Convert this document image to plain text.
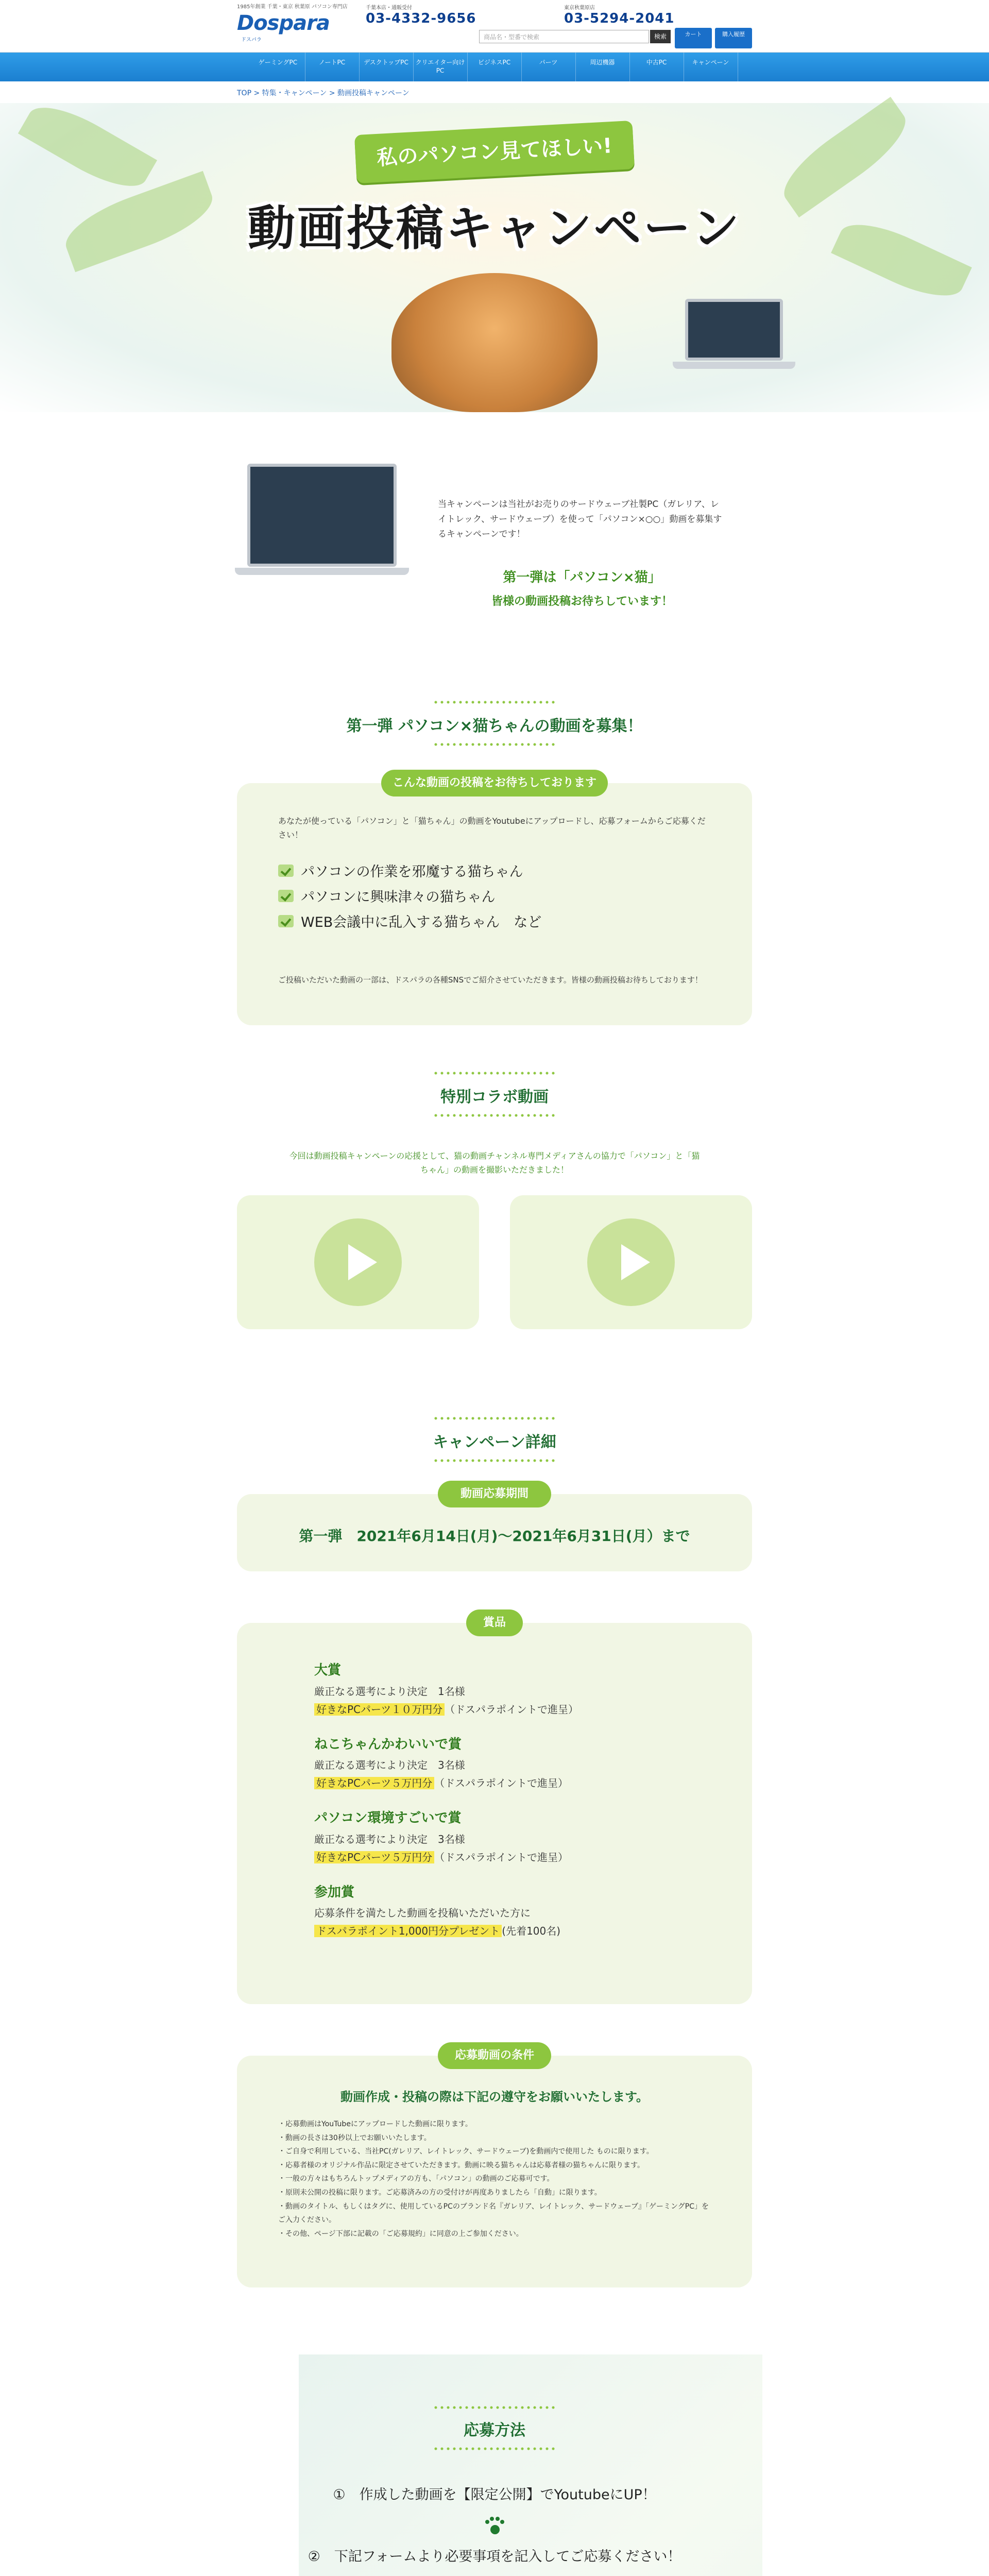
1985年創業 千葉・東京 秋葉原 パソコン専門店
Dospara
ドスパラ
千葉本店・通販受付
03-4332-9656
東京秋葉原店
03-5294-2041
商品名・型番で検索	検索	カート	購入履歴
ゲーミングPC	ノートPC	デスクトップPC	クリエイター向けPC
ビジネスPC	パーツ	周辺機器	中古PC	キャンペーン
TOP > 特集・キャンペーン > 動画投稿キャンペーン
私のパソコン見てほしい!
動画投稿キャンペーン
当キャンペーンは当社がお売りのサードウェーブ社製PC（ガレリア、レイトレック、サードウェーブ）を使って「パソコン×○○」動画を募集するキャンペーンです！
第一弾は「パソコン×猫」
皆様の動画投稿お待ちしています！
第一弾 パソコン×猫ちゃんの動画を募集！
こんな動画の投稿をお待ちしております
あなたが使っている「パソコン」と「猫ちゃん」の動画をYoutubeにアップロードし、応募フォームからご応募ください！
パソコンの作業を邪魔する猫ちゃん
パソコンに興味津々の猫ちゃん
WEB会議中に乱入する猫ちゃん　など
ご投稿いただいた動画の一部は、ドスパラの各種SNSでご紹介させていただきます。皆様の動画投稿お待ちしております！
特別コラボ動画
今回は動画投稿キャンペーンの応援として、猫の動画チャンネル専門メディアさんの協力で「パソコン」と「猫ちゃん」の動画を撮影いただきました！
キャンペーン詳細
動画応募期間
第一弾　2021年6月14日(月)〜2021年6月31日(月）まで
賞品
大賞
厳正なる選考により決定　1名様
好きなPCパーツ１０万円分 （ドスパラポイントで進呈）
ねこちゃんかわいいで賞
厳正なる選考により決定　3名様
好きなPCパーツ５万円分 （ドスパラポイントで進呈）
パソコン環境すごいで賞
厳正なる選考により決定　3名様
好きなPCパーツ５万円分 （ドスパラポイントで進呈）
参加賞
応募条件を満たした動画を投稿いただいた方に
ドスパラポイント1,000円分プレゼント (先着100名)
応募動画の条件
動画作成・投稿の際は下記の遵守をお願いいたします。
・応募動画はYouTubeにアップロードした動画に限ります。
・動画の長さは30秒以上でお願いいたします。
・ご自身で利用している、当社PC(ガレリア、レイトレック、サードウェーブ)を動画内で使用した ものに限ります。
・応募者様のオリジナル作品に限定させていただきます。動画に映る猫ちゃんは応募者様の猫ちゃんに限ります。
・一般の方々はもちろんトップメディアの方も、「パソコン」の動画のご応募可です。
・原則未公開の投稿に限ります。ご応募済みの方の受付けが再度ありましたら「自動」に限ります。
・動画のタイトル、もしくはタグに、使用しているPCのブランド名『ガレリア、レイトレック、サードウェーブ』「ゲーミングPC」をご入力ください。
・その他、ページ下部に記載の「ご応募規約」に同意の上ご参加ください。
応募方法
①　作成した動画を【限定公開】でYoutubeにUP！
②　下記フォームより必要事項を記入してご応募ください！
